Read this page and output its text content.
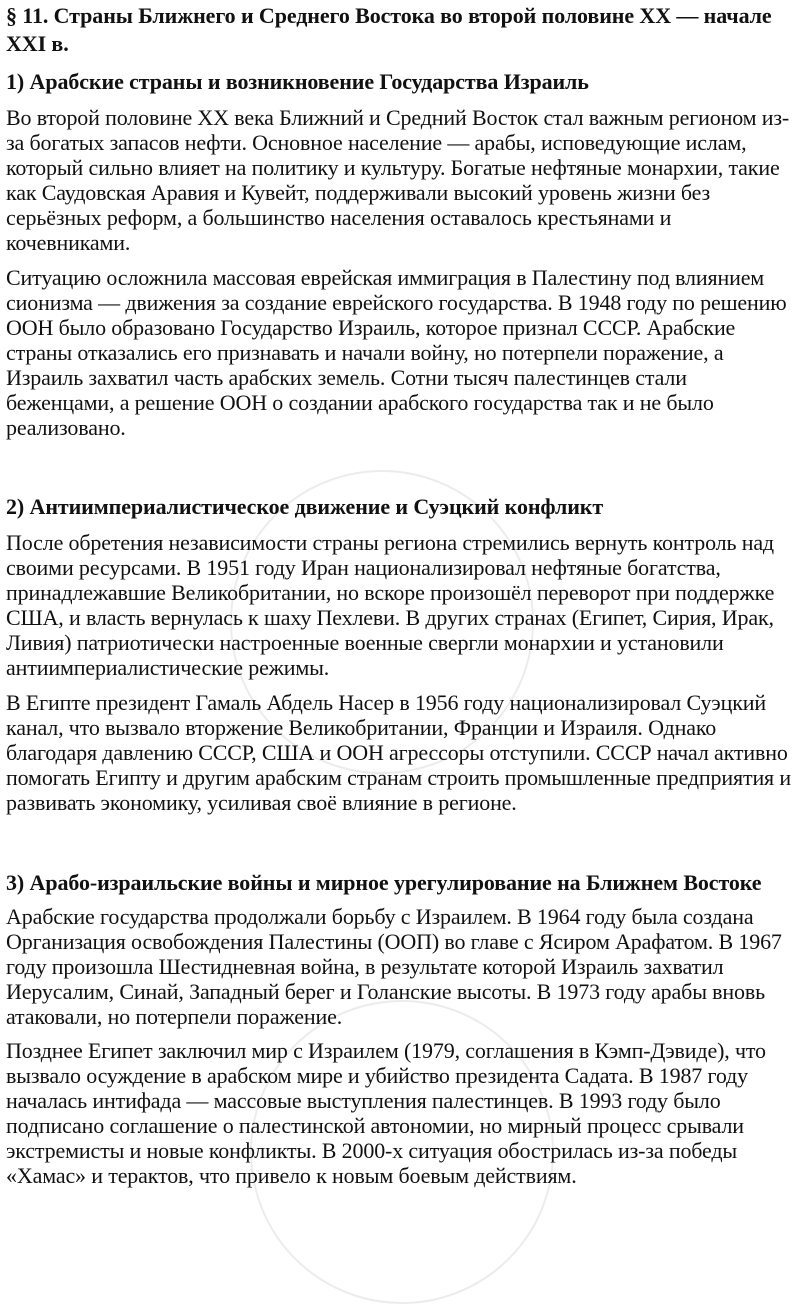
§ 11. Страны Ближнего и Среднего Востока во второй половине XX — начале XXI в.
1) Арабские страны и возникновение Государства Израиль

Во второй половине XX века Ближний и Средний Восток стал важным регионом из-за богатых запасов нефти. Основное население — арабы, исповедующие ислам, который сильно влияет на политику и культуру. Богатые нефтяные монархии, такие как Саудовская Аравия и Кувейт, поддерживали высокий уровень жизни без серьёзных реформ, а большинство населения оставалось крестьянами и кочевниками.

Ситуацию осложнила массовая еврейская иммиграция в Палестину под влиянием сионизма — движения за создание еврейского государства. В 1948 году по решению ООН было образовано Государство Израиль, которое признал СССР. Арабские страны отказались его признавать и начали войну, но потерпели поражение, а Израиль захватил часть арабских земель. Сотни тысяч палестинцев стали беженцами, а решение ООН о создании арабского государства так и не было реализовано.

2) Антиимпериалистическое движение и Суэцкий конфликт

После обретения независимости страны региона стремились вернуть контроль над своими ресурсами. В 1951 году Иран национализировал нефтяные богатства, принадлежавшие Великобритании, но вскоре произошёл переворот при поддержке США, и власть вернулась к шаху Пехлеви. В других странах (Египет, Сирия, Ирак, Ливия) патриотически настроенные военные свергли монархии и установили антиимпериалистические режимы.

В Египте президент Гамаль Абдель Насер в 1956 году национализировал Суэцкий канал, что вызвало вторжение Великобритании, Франции и Израиля. Однако благодаря давлению СССР, США и ООН агрессоры отступили. СССР начал активно помогать Египту и другим арабским странам строить промышленные предприятия и развивать экономику, усиливая своё влияние в регионе.

3) Арабо-израильские войны и мирное урегулирование на Ближнем Востоке

Арабские государства продолжали борьбу с Израилем. В 1964 году была создана Организация освобождения Палестины (ООП) во главе с Ясиром Арафатом. В 1967 году произошла Шестидневная война, в результате которой Израиль захватил Иерусалим, Синай, Западный берег и Голанские высоты. В 1973 году арабы вновь атаковали, но потерпели поражение.

Позднее Египет заключил мир с Израилем (1979, соглашения в Кэмп-Дэвиде), что вызвало осуждение в арабском мире и убийство президента Садата. В 1987 году началась интифада — массовые выступления палестинцев. В 1993 году было подписано соглашение о палестинской автономии, но мирный процесс срывали экстремисты и новые конфликты. В 2000-х ситуация обострилась из-за победы «Хамас» и терактов, что привело к новым боевым действиям.
